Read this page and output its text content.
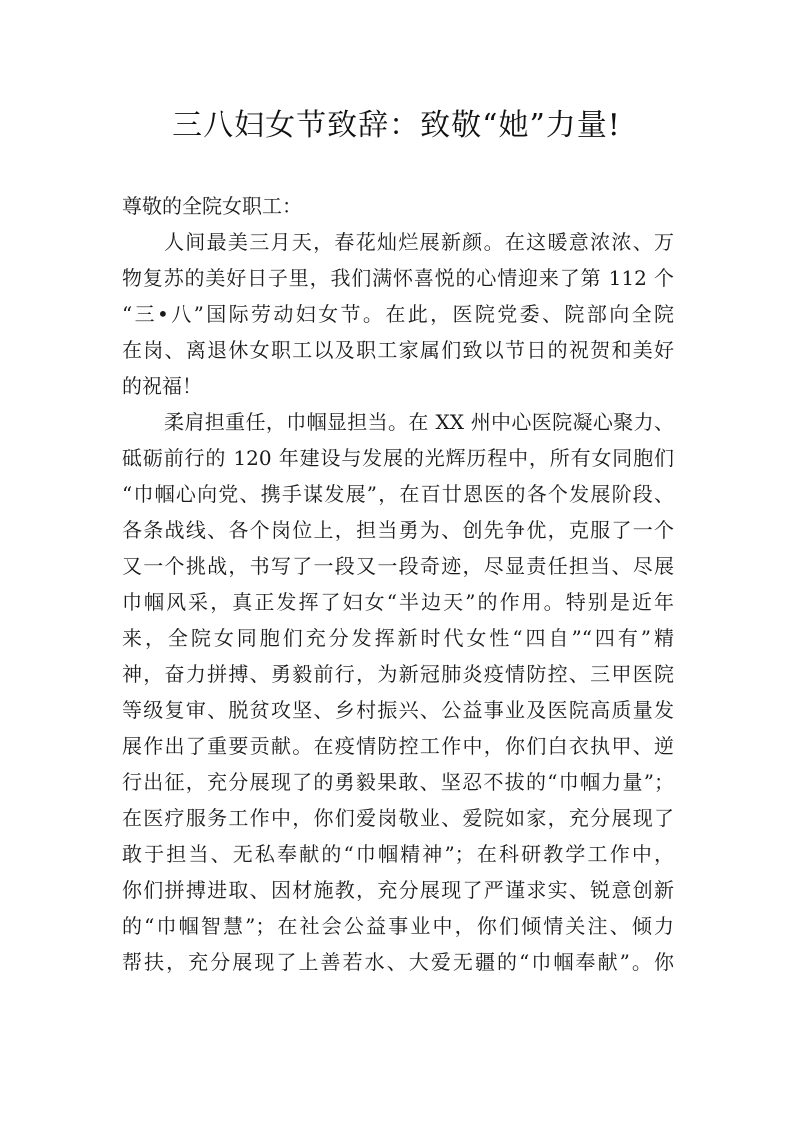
三八妇女节致辞：致敬“她”力量!
尊敬的全院女职工：
人间最美三月天，春花灿烂展新颜。在这暖意浓浓、万
物复苏的美好日子里，我们满怀喜悦的心情迎来了第 112 个
“三•八”国际劳动妇女节。在此，医院党委、院部向全院
在岗、离退休女职工以及职工家属们致以节日的祝贺和美好
的祝福！
柔肩担重任，巾帼显担当。在 XX 州中心医院凝心聚力、
砥砺前行的 120 年建设与发展的光辉历程中，所有女同胞们
“巾帼心向党、携手谋发展”，在百廿恩医的各个发展阶段、
各条战线、各个岗位上，担当勇为、创先争优，克服了一个
又一个挑战，书写了一段又一段奇迹，尽显责任担当、尽展
巾帼风采，真正发挥了妇女“半边天”的作用。特别是近年
来，全院女同胞们充分发挥新时代女性“四自”“四有”精
神，奋力拼搏、勇毅前行，为新冠肺炎疫情防控、三甲医院
等级复审、脱贫攻坚、乡村振兴、公益事业及医院高质量发
展作出了重要贡献。在疫情防控工作中，你们白衣执甲、逆
行出征，充分展现了的勇毅果敢、坚忍不拔的“巾帼力量”；
在医疗服务工作中，你们爱岗敬业、爱院如家，充分展现了
敢于担当、无私奉献的“巾帼精神”；在科研教学工作中，
你们拼搏进取、因材施教，充分展现了严谨求实、锐意创新
的“巾帼智慧”；在社会公益事业中，你们倾情关注、倾力
帮扶，充分展现了上善若水、大爱无疆的“巾帼奉献”。你
